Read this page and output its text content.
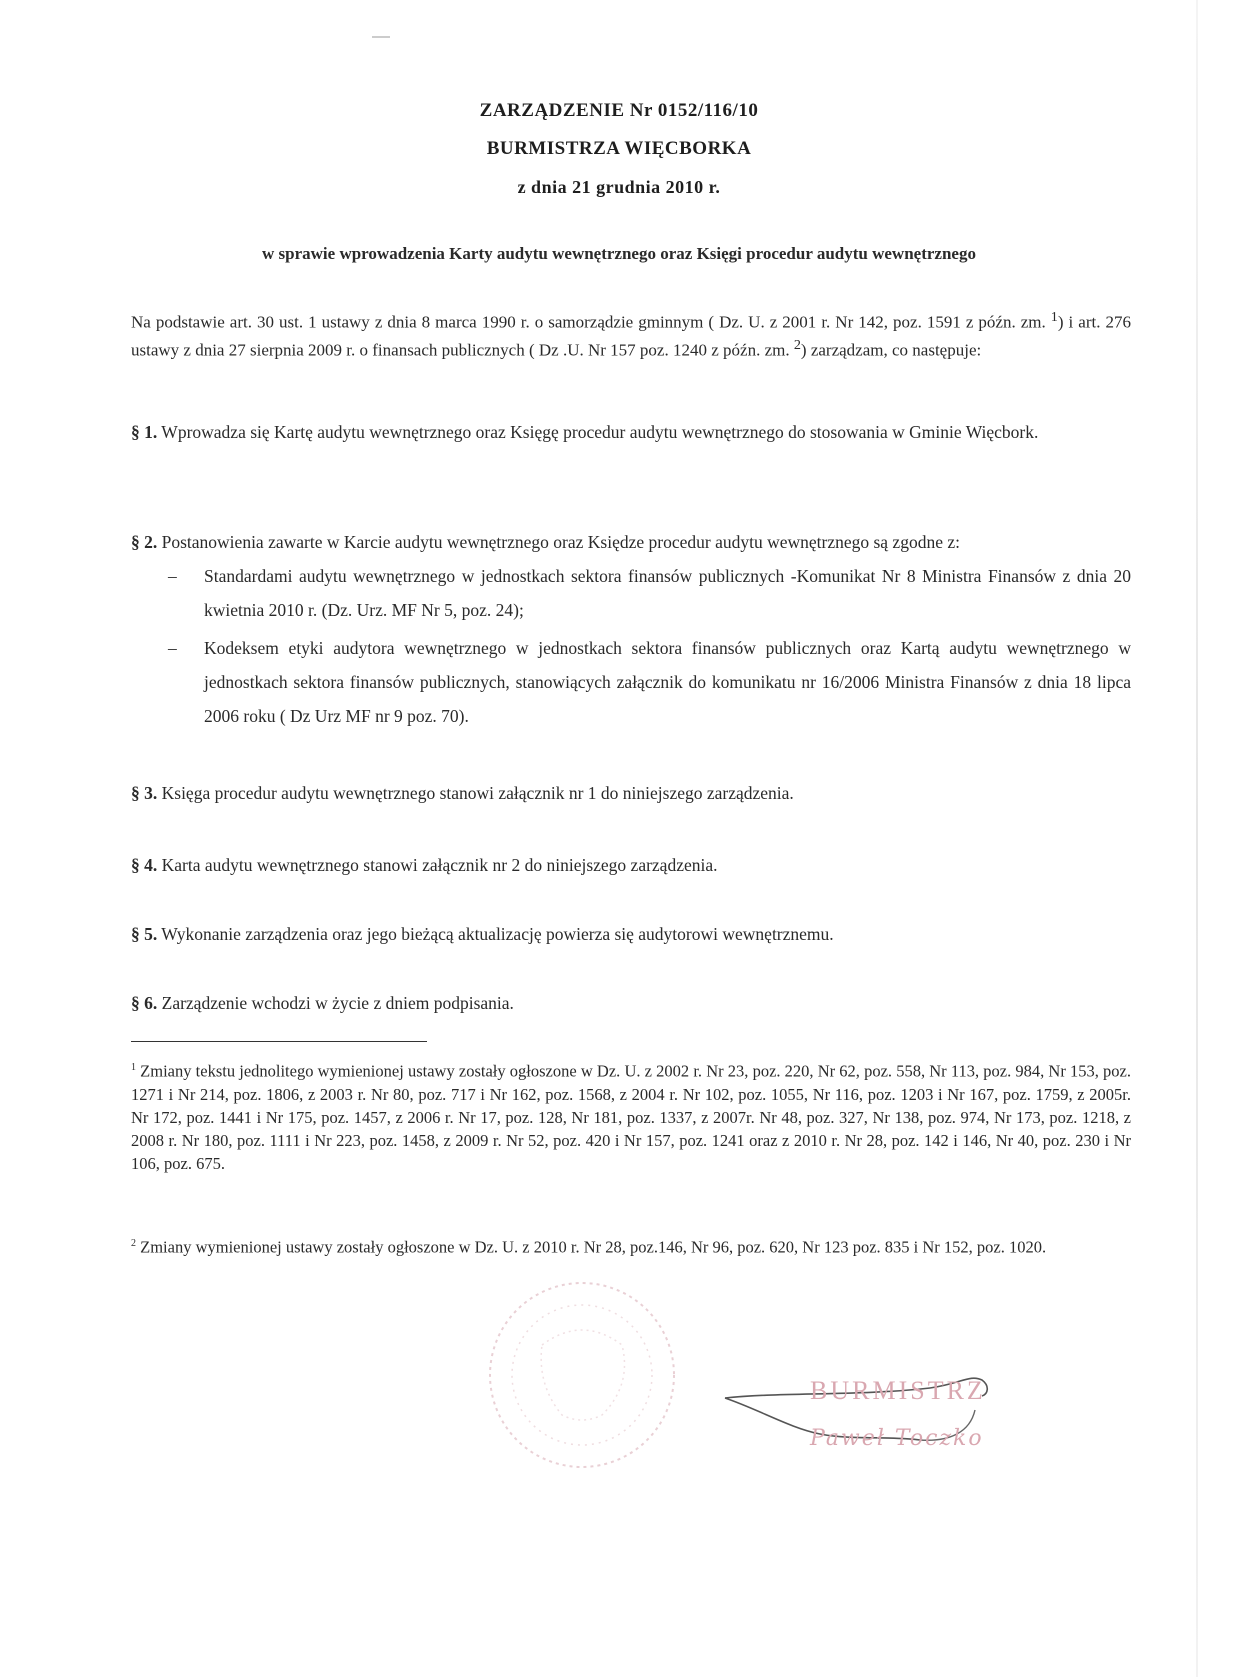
ZARZĄDZENIE Nr 0152/116/10
BURMISTRZA WIĘCBORKA
z dnia 21 grudnia 2010 r.
w sprawie wprowadzenia Karty audytu wewnętrznego oraz Księgi procedur audytu wewnętrznego
Na podstawie art. 30 ust. 1 ustawy z dnia 8 marca 1990 r. o samorządzie gminnym ( Dz. U. z 2001 r. Nr 142, poz. 1591 z późn. zm. $^1$) i art. 276 ustawy z dnia 27 sierpnia 2009 r. o finansach publicznych ( Dz .U. Nr 157 poz. 1240 z późn. zm. $^2$) zarządzam, co następuje:
§ 1. Wprowadza się Kartę audytu wewnętrznego oraz Księgę procedur audytu wewnętrznego do stosowania w Gminie Więcbork.
§ 2. Postanowienia zawarte w Karcie audytu wewnętrznego oraz Księdze procedur audytu wewnętrznego są zgodne z:
– Standardami audytu wewnętrznego w jednostkach sektora finansów publicznych -Komunikat Nr 8 Ministra Finansów z dnia 20 kwietnia 2010 r. (Dz. Urz. MF Nr 5, poz. 24);
– Kodeksem etyki audytora wewnętrznego w jednostkach sektora finansów publicznych oraz Kartą audytu wewnętrznego w jednostkach sektora finansów publicznych, stanowiących załącznik do komunikatu nr 16/2006 Ministra Finansów z dnia 18 lipca 2006 roku ( Dz Urz MF nr 9 poz. 70).
§ 3. Księga procedur audytu wewnętrznego stanowi załącznik nr 1 do niniejszego zarządzenia.
§ 4. Karta audytu wewnętrznego stanowi załącznik nr 2 do niniejszego zarządzenia.
§ 5. Wykonanie zarządzenia oraz jego bieżącą aktualizację powierza się audytorowi wewnętrznemu.
§ 6. Zarządzenie wchodzi w życie z dniem podpisania.
$^1$ Zmiany tekstu jednolitego wymienionej ustawy zostały ogłoszone w Dz. U. z 2002 r. Nr 23, poz. 220, Nr 62, poz. 558, Nr 113, poz. 984, Nr 153, poz. 1271 i Nr 214, poz. 1806, z 2003 r. Nr 80, poz. 717 i Nr 162, poz. 1568, z 2004 r. Nr 102, poz. 1055, Nr 116, poz. 1203 i Nr 167, poz. 1759, z 2005r. Nr 172, poz. 1441 i Nr 175, poz. 1457, z 2006 r. Nr 17, poz. 128, Nr 181, poz. 1337, z 2007r. Nr 48, poz. 327, Nr 138, poz. 974, Nr 173, poz. 1218, z 2008 r. Nr 180, poz. 1111 i Nr 223, poz. 1458, z 2009 r. Nr 52, poz. 420 i Nr 157, poz. 1241 oraz z 2010 r. Nr 28, poz. 142 i 146, Nr 40, poz. 230 i Nr 106, poz. 675.
$^2$ Zmiany wymienionej ustawy zostały ogłoszone w Dz. U. z 2010 r. Nr 28, poz.146, Nr 96, poz. 620, Nr 123 poz. 835 i Nr 152, poz. 1020.
BURMISTRZ
Paweł Toczko
